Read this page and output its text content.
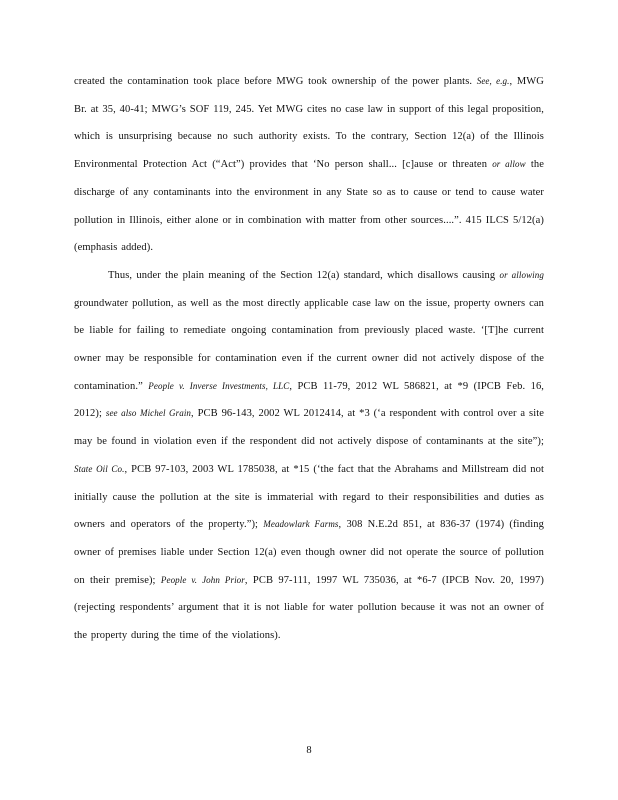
created the contamination took place before MWG took ownership of the power plants. See, e.g., MWG Br. at 35, 40-41; MWG’s SOF 119, 245. Yet MWG cites no case law in support of this legal proposition, which is unsurprising because no such authority exists. To the contrary, Section 12(a) of the Illinois Environmental Protection Act (“Act”) provides that ‘No person shall... [c]ause or threaten or allow the discharge of any contaminants into the environment in any State so as to cause or tend to cause water pollution in Illinois, either alone or in combination with matter from other sources....”. 415 ILCS 5/12(a) (emphasis added).

Thus, under the plain meaning of the Section 12(a) standard, which disallows causing or allowing groundwater pollution, as well as the most directly applicable case law on the issue, property owners can be liable for failing to remediate ongoing contamination from previously placed waste. ‘[T]he current owner may be responsible for contamination even if the current owner did not actively dispose of the contamination.” People v. Inverse Investments, LLC, PCB 11-79, 2012 WL 586821, at *9 (IPCB Feb. 16, 2012); see also Michel Grain, PCB 96-143, 2002 WL 2012414, at *3 (‘a respondent with control over a site may be found in violation even if the respondent did not actively dispose of contaminants at the site”); State Oil Co., PCB 97-103, 2003 WL 1785038, at *15 (‘the fact that the Abrahams and Millstream did not initially cause the pollution at the site is immaterial with regard to their responsibilities and duties as owners and operators of the property.”); Meadowlark Farms, 308 N.E.2d 851, at 836-37 (1974) (finding owner of premises liable under Section 12(a) even though owner did not operate the source of pollution on their premise); People v. John Prior, PCB 97-111, 1997 WL 735036, at *6-7 (IPCB Nov. 20, 1997) (rejecting respondents’ argument that it is not liable for water pollution because it was not an owner of the property during the time of the violations).

8
